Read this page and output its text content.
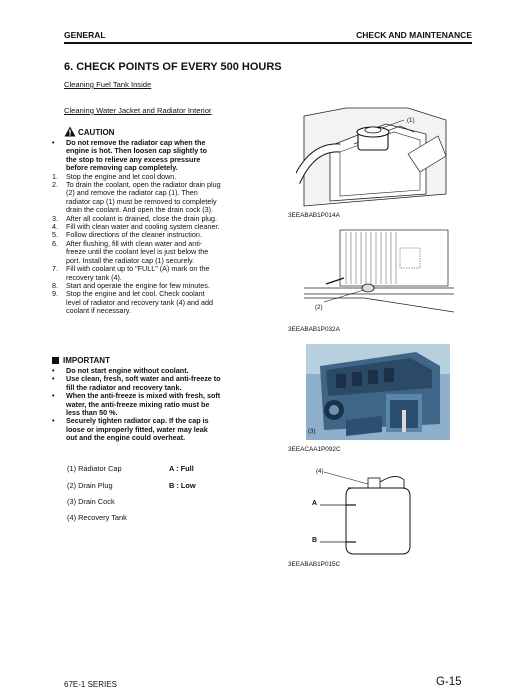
GENERAL	CHECK AND MAINTENANCE
6. CHECK POINTS OF EVERY 500 HOURS
Cleaning Fuel Tank Inside
Cleaning Water Jacket and Radiator Interior
CAUTION
•	Do not remove the radiator cap when the
engine is hot. Then loosen cap slightly to
the stop to relieve any excess pressure
before removing cap completely.
1.	Stop the engine and let cool down.
2.	To drain the coolant, open the radiator drain plug
(2) and remove the radiator cap (1). Then
radiator cap (1) must be removed to completely
drain the coolant. And open the drain cock (3).
3.	After all coolant is drained, close the drain plug.
4.	Fill with clean water and cooling system cleaner.
5.	Follow directions of the cleaner instruction.
6.	After flushing, fill with clean water and anti-
freeze until the coolant level is just below the
port. Install the radiator cap (1) securely.
7.	Fill with coolant up to "FULL" (A) mark on the
recovery tank (4).
8.	Start and operate the engine for few minutes.
9.	Stop the engine and let cool. Check coolant
level of radiator and recovery tank (4) and add
coolant if necessary.
IMPORTANT
•	Do not start engine without coolant.
•	Use clean, fresh, soft water and anti-freeze to
fill the radiator and recovery tank.
•	When the anti-freeze is mixed with fresh, soft
water, the anti-freeze mixing ratio must be
less than 50 %.
•	Securely tighten radiator cap. If the cap is
loose or improperly fitted, water may leak
out and the engine could overheat.
(1) Radiator Cap
(2) Drain Plug
(3) Drain Cock
(4) Recovery Tank
A : Full
B : Low
(1)
3EEABAB1P014A
(2)
3EEABAB1P032A
(3)
3EEACAA1P092C
(4)
A
B
3EEABAB1P015C
67E-1 SERIES	G-15
